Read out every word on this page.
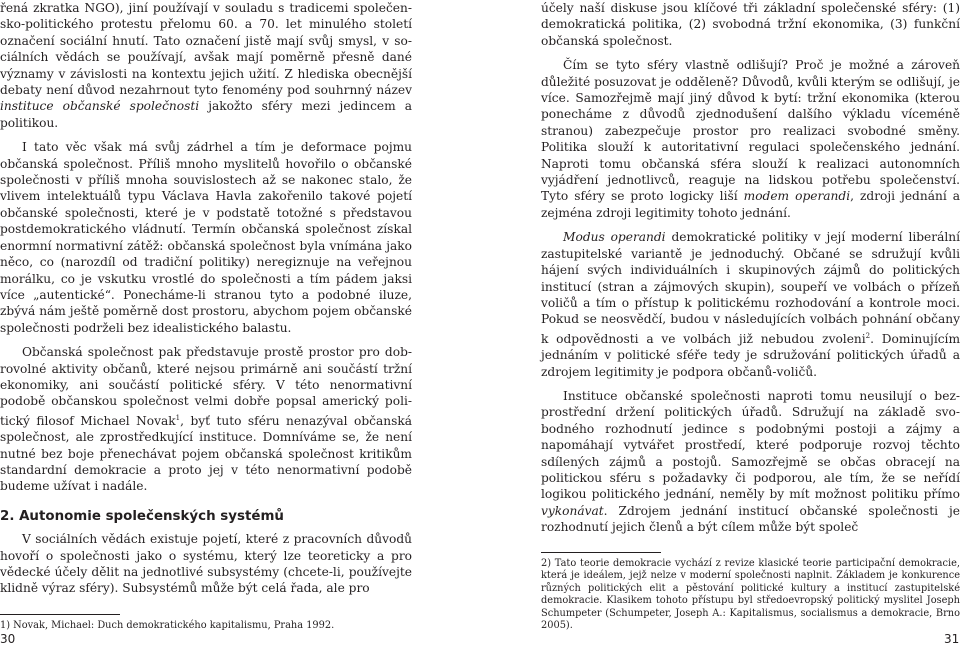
řená zkratka NGO), jiní používají v souladu s tradicemi společensko-politického protestu přelomu 60. a 70. let minulého století označení sociální hnutí. Tato označení jistě mají svůj smysl, v sociálních vědách se používají, avšak mají poměrně přesně dané významy v závislosti na kontextu jejich užití. Z hlediska obecnější debaty není důvod nezahrnout tyto fenomény pod souhrnný název instituce občanské společnosti jakožto sféry mezi jedincem a politikou.

I tato věc však má svůj zádrhel a tím je deformace pojmu občanská společnost. Příliš mnoho myslitelů hovořilo o občanské společnosti v příliš mnoha souvislostech až se nakonec stalo, že vlivem intelektuálů typu Václava Havla zakořenilo takové pojetí občanské společnosti, které je v podstatě totožné s představou postdemokratického vládnutí. Termín občanská společnost získal enormní normativní zátěž: občanská společnost byla vnímána jako něco, co (narozdíl od tradiční politiky) neregiznuje na veřejnou morálku, co je vskutku vrostlé do společnosti a tím pádem jaksi více „autentické“. Ponecháme-li stranou tyto a podobné iluze, zbývá nám ještě poměrně dost prostoru, abychom pojem občanské společnosti podrželi bez idealistického balastu.

Občanská společnost pak představuje prostě prostor pro dobrovolné aktivity občanů, které nejsou primárně ani součástí tržní ekonomiky, ani součástí politické sféry. V této nenormativní podobě občanskou společnost velmi dobře popsal americký politický filosof Michael Novak$^1$, byť tuto sféru nenazýval občanská společnost, ale zprostředkující instituce. Domníváme se, že není nutné bez boje přenechávat pojem občanská společnost kritikům standardní demokracie a proto jej v této nenormativní podobě budeme užívat i nadále.

2. Autonomie společenských systémů

V sociálních vědách existuje pojetí, které z pracovních důvodů hovoří o společnosti jako o systému, který lze teoreticky a pro vědecké účely dělit na jednotlivé subsystémy (chcete-li, používejte klidně výraz sféry). Subsystémů může být celá řada, ale pro

1) Novak, Michael: Duch demokratického kapitalismu, Praha 1992.
30

účely naší diskuse jsou klíčové tři základní společenské sféry: (1) demokratická politika, (2) svobodná tržní ekonomika, (3) funkční občanská společnost.

Čím se tyto sféry vlastně odlišují? Proč je možné a zároveň důležité posuzovat je odděleně? Důvodů, kvůli kterým se odlišují, je více. Samozřejmě mají jiný důvod k bytí: tržní ekonomika (kterou ponecháme z důvodů zjednodušení dalšího výkladu víceméně stranou) zabezpečuje prostor pro realizaci svobodné směny. Politika slouží k autoritativní regulaci společenského jednání. Naproti tomu občanská sféra slouží k realizaci autonomních vyjádření jednotlivců, reaguje na lidskou potřebu společenství. Tyto sféry se proto logicky liší modem operandi, zdroji jednání a zejména zdroji legitimity tohoto jednání.

Modus operandi demokratické politiky v její moderní liberální zastupitelské variantě je jednoduchý. Občané se sdružují kvůli hájení svých individuálních i skupinových zájmů do politických institucí (stran a zájmových skupin), soupeří ve volbách o přízeň voličů a tím o přístup k politickému rozhodování a kontrole moci. Pokud se neosvědčí, budou v následujících volbách pohnání občany k odpovědnosti a ve volbách již nebudou zvoleni$^2$. Dominujícím jednáním v politické sféře tedy je sdružování politických úřadů a zdrojem legitimity je podpora občanů-voličů.

Instituce občanské společnosti naproti tomu neusilují o bezprostřední držení politických úřadů. Sdružují na základě svobodného rozhodnutí jedince s podobnými postoji a zájmy a napomáhají vytvářet prostředí, které podporuje rozvoj těchto sdílených zájmů a postojů. Samozřejmě se občas obracejí na politickou sféru s požadavky či podporou, ale tím, že se neřídí logikou politického jednání, neměly by mít možnost politiku přímo vykonávat. Zdrojem jednání institucí občanské společnosti je rozhodnutí jejich členů a být cílem může být společ

2) Tato teorie demokracie vychází z revize klasické teorie participační demokracie, která je ideálem, jejž nelze v moderní společnosti naplnit. Základem je konkurence různých politických elit a pěstování politické kultury a institucí zastupitelské demokracie. Klasikem tohoto přístupu byl středoevropský politický myslitel Joseph Schumpeter (Schumpeter, Joseph A.: Kapitalismus, socialismus a demokracie, Brno 2005).
31
